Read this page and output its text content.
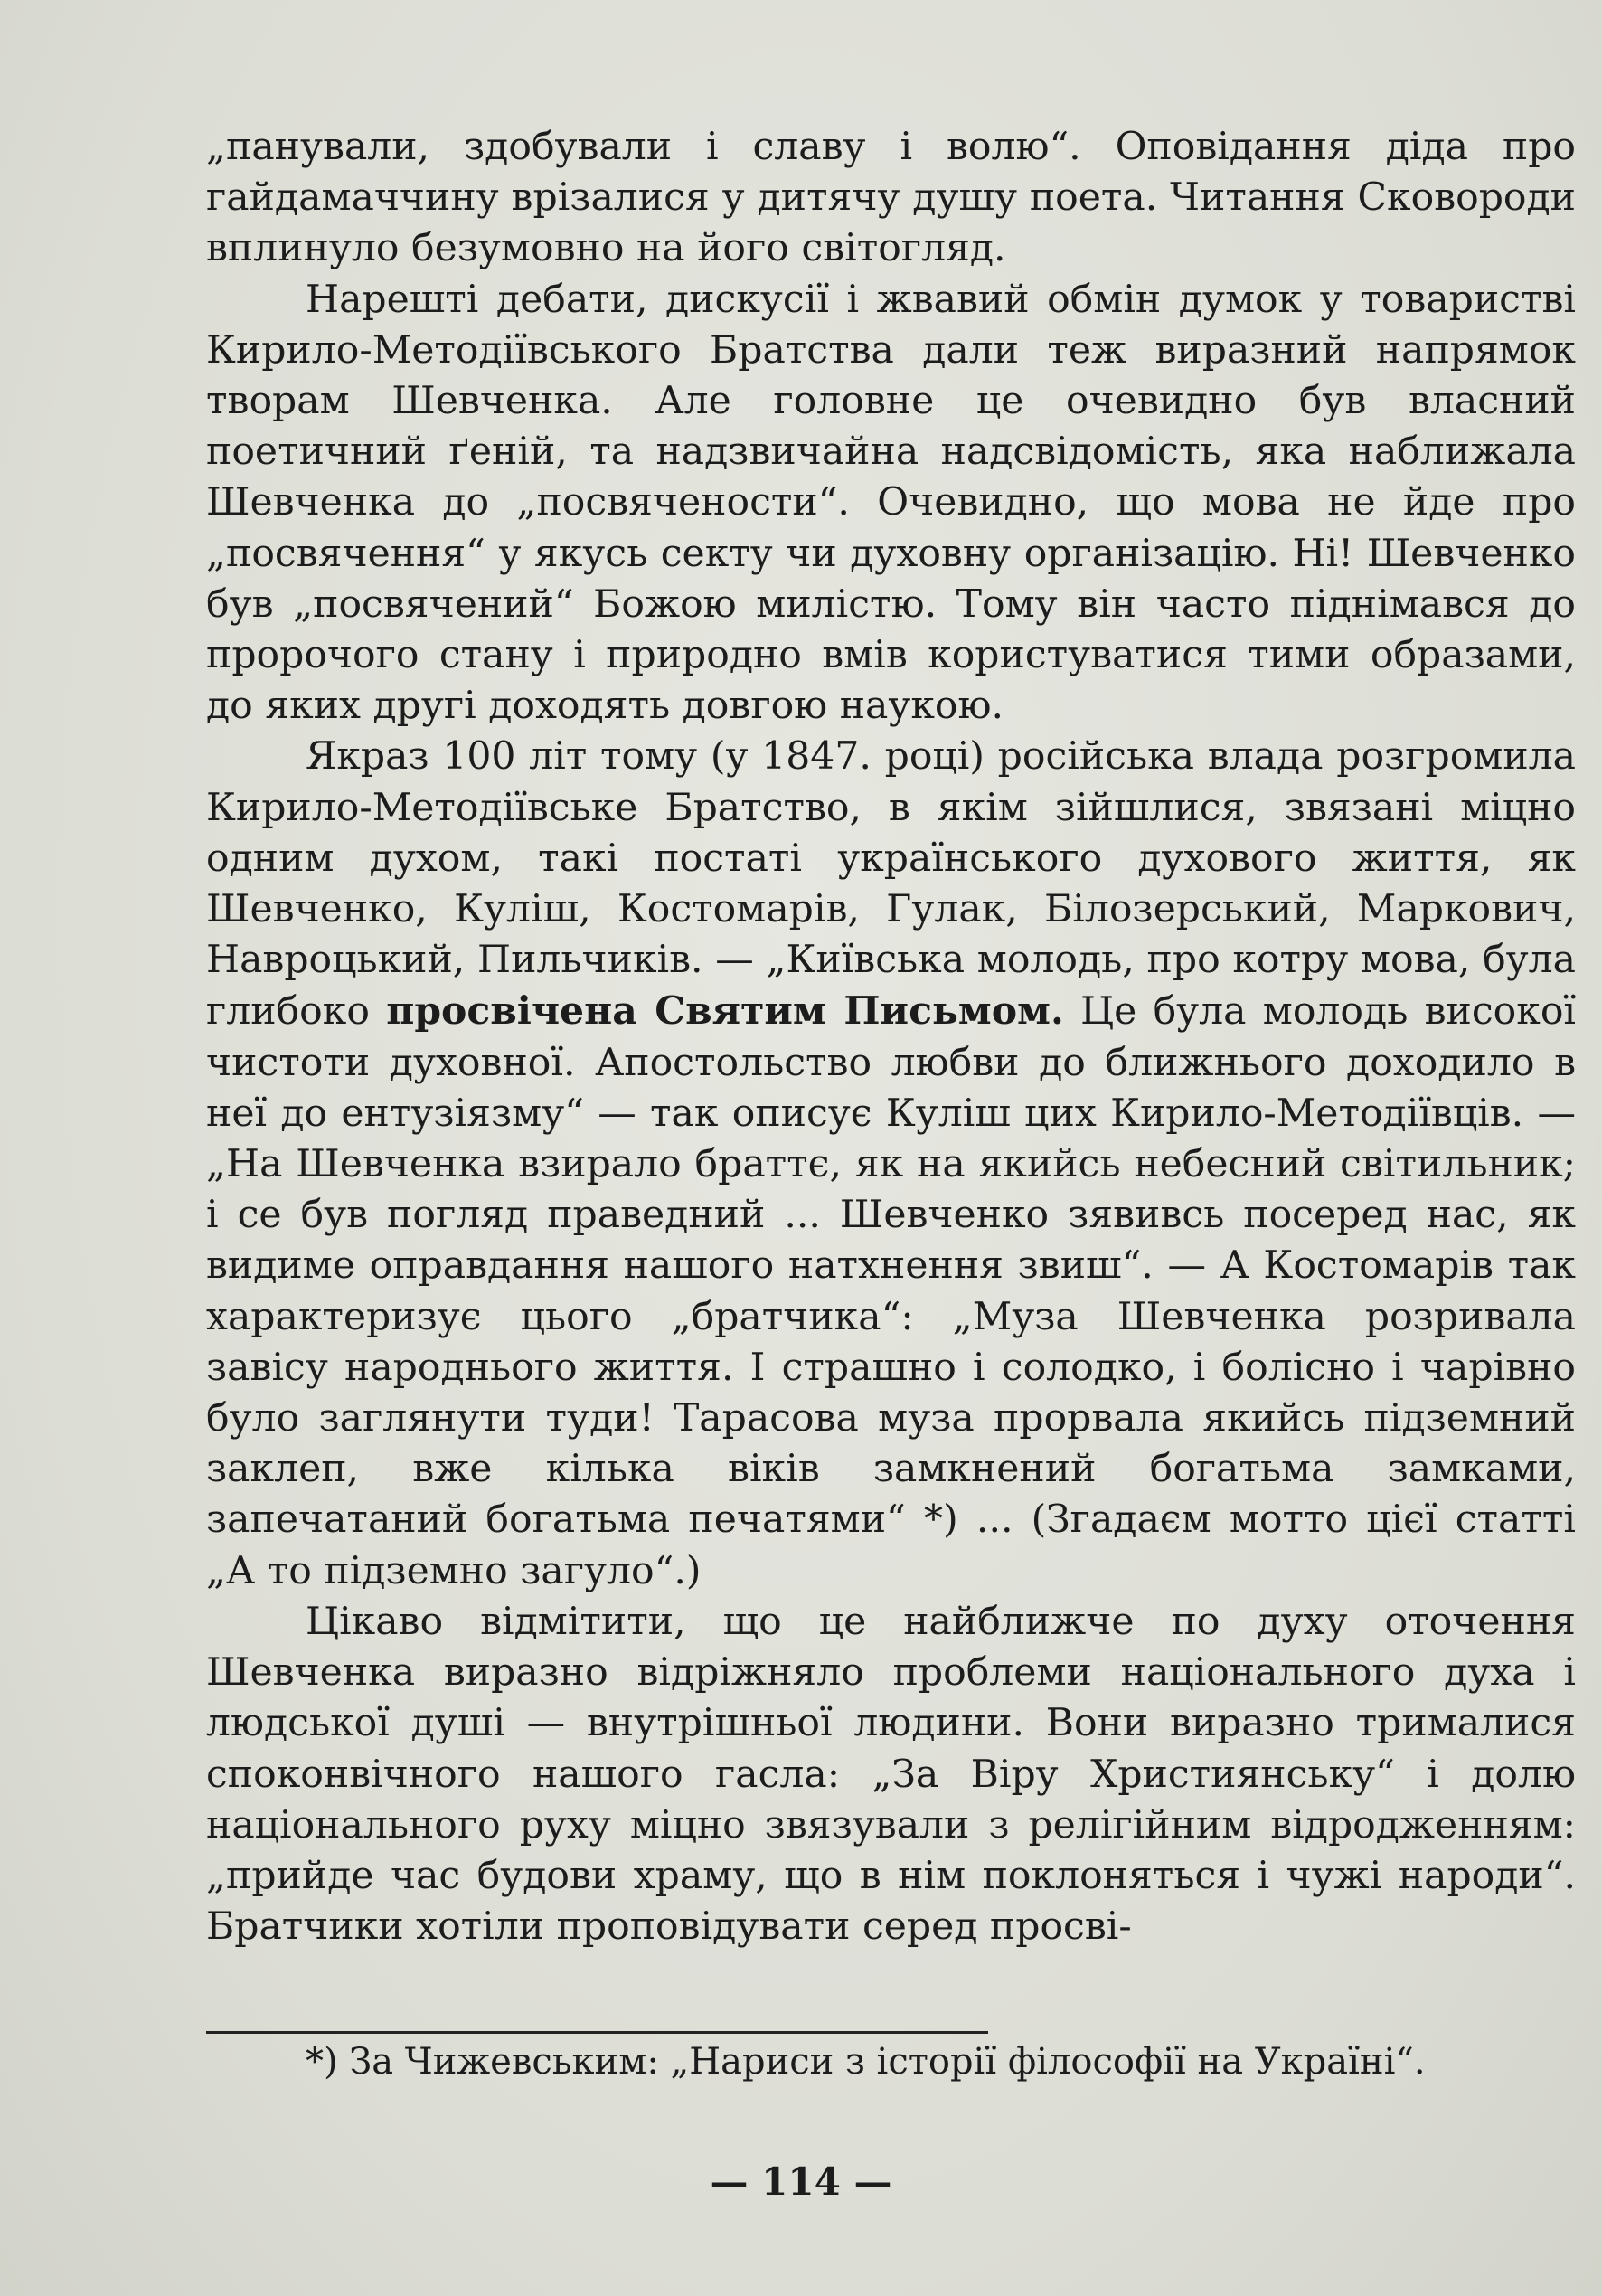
„панували, здобували і славу і волю“. Оповідання діда про гайдамаччину врізалися у дитячу душу поета. Читання Сковороди вплинуло безумовно на його світогляд.

Нарешті дебати, дискусії і жвавий обмін думок у товаристві Кирило-Методіївського Братства дали теж виразний напрямок творам Шевченка. Але головне це очевидно був власний поетичний ґеній, та надзвичайна надсвідомість, яка наближала Шевченка до „посвячености“. Очевидно, що мова не йде про „посвячення“ у якусь секту чи духовну організацію. Ні! Шевченко був „посвячений“ Божою милістю. Тому він часто піднімався до пророчого стану і природно вмів користуватися тими образами, до яких другі доходять довгою наукою.

Якраз 100 літ тому (у 1847. році) російська влада розгромила Кирило-Методіївське Братство, в якім зійшлися, звязані міцно одним духом, такі постаті українського духового життя, як Шевченко, Куліш, Костомарів, Гулак, Білозерський, Маркович, Навроцький, Пильчиків. — „Київська молодь, про котру мова, була глибоко просвічена Святим Письмом. Це була молодь високої чистоти духовної. Апостольство любви до ближнього доходило в неї до ентузіязму“ — так описує Куліш цих Кирило-Методіївців. — „На Шевченка взирало браттє, як на якийсь небесний світильник; і се був погляд праведний ... Шевченко зявивсь посеред нас, як видиме оправдання нашого натхнення звиш“. — А Костомарів так характеризує цього „братчика“: „Муза Шевченка розривала завісу народнього життя. І страшно і солодко, і болісно і чарівно було заглянути туди! Тарасова муза прорвала якийсь підземний заклеп, вже кілька віків замкнений богатьма замками, запечатаний богатьма печатями“ *) ... (Згадаєм мотто цієї статті „А то підземно загуло“.)

Цікаво відмітити, що це найближче по духу оточення Шевченка виразно відріжняло проблеми національного духа і людської душі — внутрішньої людини. Вони виразно трималися споконвічного нашого гасла: „За Віру Християнську“ і долю національного руху міцно звязували з релігійним відродженням: „прийде час будови храму, що в нім поклоняться і чужі народи“. Братчики хотіли проповідувати серед просві-

*) За Чижевським: „Нариси з історії філософії на Україні“.
— 114 —
